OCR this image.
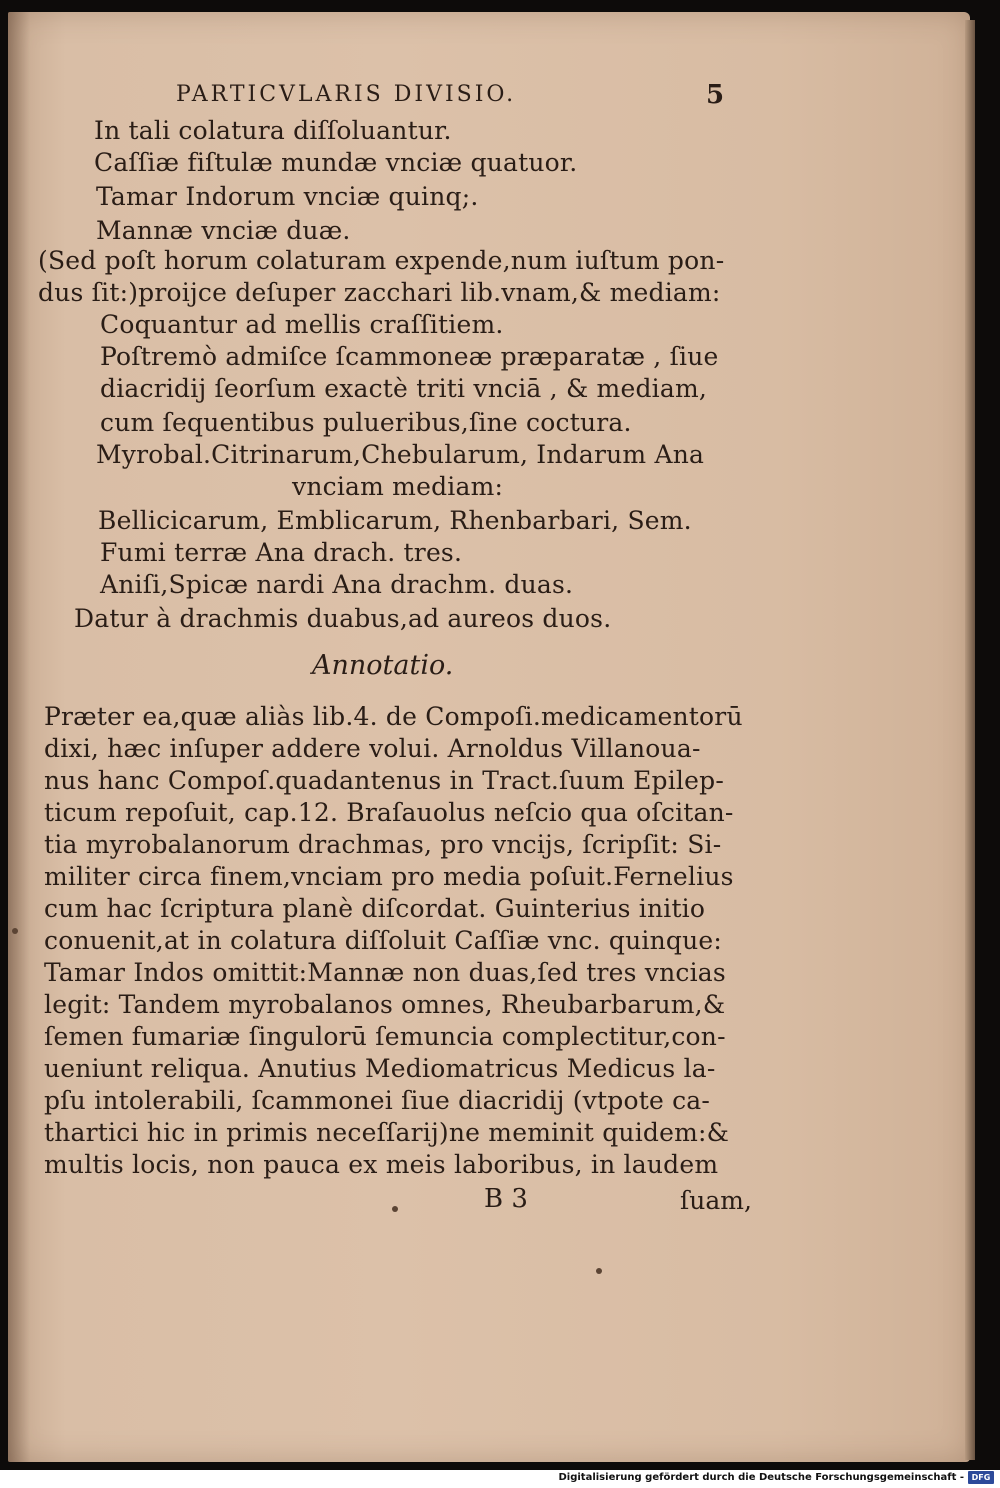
PARTICVLARIS DIVISIO.	5
In tali colatura diſſoluantur.
Caſſiæ fiſtulæ mundæ vnciæ quatuor.
Tamar Indorum vnciæ quinq;.
Mannæ vnciæ duæ.
(Sed poſt horum colaturam expende,num iuſtum pon-
dus ſit:)proijce deſuper zacchari lib.vnam,& mediam:
Coquantur ad mellis craſſitiem.
Poſtremò admiſce ſcammoneæ præparatæ , ſiue
diacridij ſeorſum exactè triti vnciā , & mediam,
cum ſequentibus pulueribus,ſine coctura.
Myrobal.Citrinarum,Chebularum, Indarum Ana
vnciam mediam:
Bellicicarum, Emblicarum, Rhenbarbari, Sem.
Fumi terræ Ana drach. tres.
Aniſi,Spicæ nardi Ana drachm. duas.
Datur à drachmis duabus,ad aureos duos.
Annotatio.
Præter ea,quæ aliàs lib.4. de Compoſi.medicamentorū
dixi, hæc inſuper addere volui. Arnoldus Villanoua-
nus hanc Compoſ.quadantenus in Tract.ſuum Epilep-
ticum repoſuit, cap.12. Braſauolus neſcio qua oſcitan-
tia myrobalanorum drachmas, pro vncijs, ſcripſit: Si-
militer circa finem,vnciam pro media poſuit.Fernelius
cum hac ſcriptura planè diſcordat. Guinterius initio
conuenit,at in colatura diſſoluit Caſſiæ vnc. quinque:
Tamar Indos omittit:Mannæ non duas,ſed tres vncias
legit: Tandem myrobalanos omnes, Rheubarbarum,&
ſemen fumariæ ſingulorū ſemuncia complectitur,con-
ueniunt reliqua. Anutius Mediomatricus Medicus la-
pſu intolerabili, ſcammonei ſiue diacridij (vtpote ca-
thartici hic in primis neceſſarij)ne meminit quidem:&
multis locis, non pauca ex meis laboribus, in laudem
B 3	ſuam,
Digitalisierung gefördert durch die Deutsche Forschungsgemeinschaft - DFG
